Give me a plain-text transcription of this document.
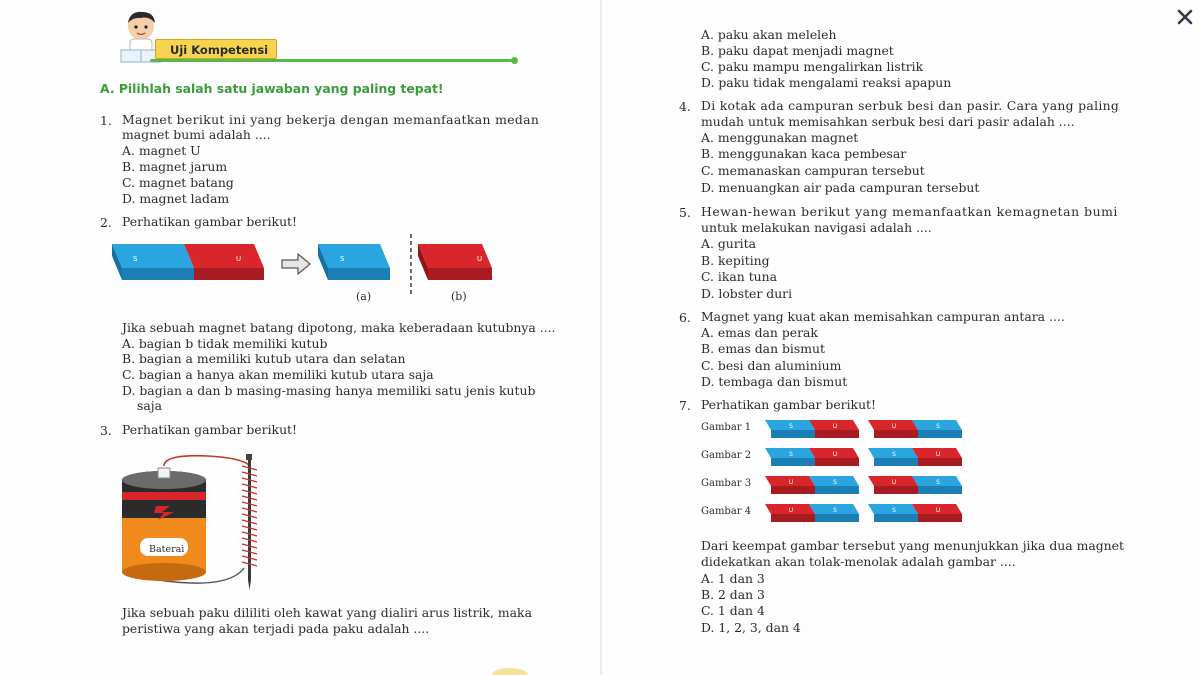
Uji Kompetensi
A. Pilihlah salah satu jawaban yang paling tepat!
1. Magnet berikut ini yang bekerja dengan memanfaatkan medan
magnet bumi adalah ....
A. magnet U
B. magnet jarum
C. magnet batang
D. magnet ladam
2. Perhatikan gambar berikut!
S	U	S	U
(a)	(b)
Jika sebuah magnet batang dipotong, maka keberadaan kutubnya ....
A. bagian b tidak memiliki kutub
B. bagian a memiliki kutub utara dan selatan
C. bagian a hanya akan memiliki kutub utara saja
D. bagian a dan b masing-masing hanya memiliki satu jenis kutub
saja
3. Perhatikan gambar berikut!
Baterai
Jika sebuah paku dililiti oleh kawat yang dialiri arus listrik, maka
peristiwa yang akan terjadi pada paku adalah ....
A. paku akan meleleh
B. paku dapat menjadi magnet
C. paku mampu mengalirkan listrik
D. paku tidak mengalami reaksi apapun
4. Di kotak ada campuran serbuk besi dan pasir. Cara yang paling
mudah untuk memisahkan serbuk besi dari pasir adalah ....
A. menggunakan magnet
B. menggunakan kaca pembesar
C. memanaskan campuran tersebut
D. menuangkan air pada campuran tersebut
5. Hewan-hewan berikut yang memanfaatkan kemagnetan bumi
untuk melakukan navigasi adalah ....
A. gurita
B. kepiting
C. ikan tuna
D. lobster duri
6. Magnet yang kuat akan memisahkan campuran antara ....
A. emas dan perak
B. emas dan bismut
C. besi dan aluminium
D. tembaga dan bismut
7. Perhatikan gambar berikut!
Gambar 1	S	U	U	S
Gambar 2	S	U	S	U
Gambar 3	U	S	U	S
Gambar 4	U	S	S	U
Dari keempat gambar tersebut yang menunjukkan jika dua magnet
didekatkan akan tolak-menolak adalah gambar ....
A. 1 dan 3
B. 2 dan 3
C. 1 dan 4
D. 1, 2, 3, dan 4
